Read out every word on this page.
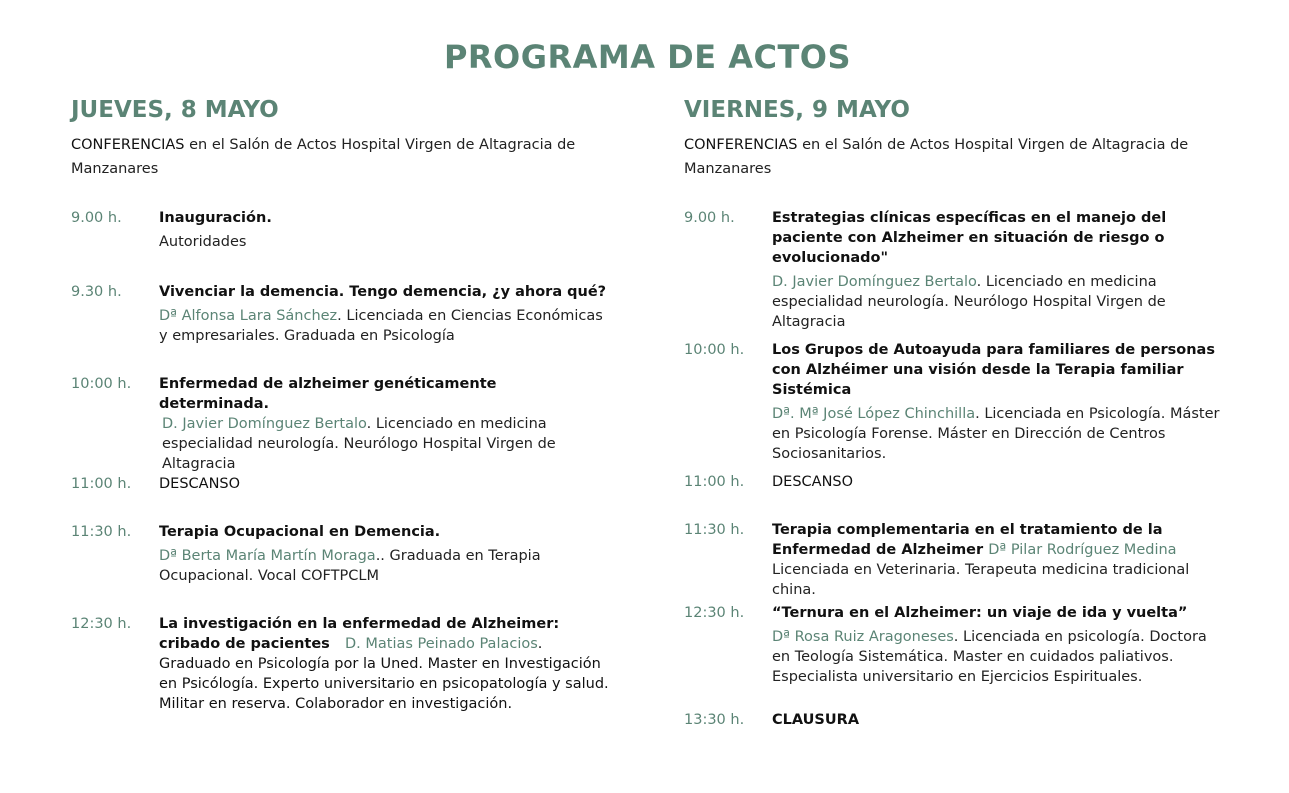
PROGRAMA DE ACTOS
JUEVES, 8 MAYO

CONFERENCIAS en el Salón de Actos Hospital Virgen de Altagracia de Manzanares

9.00 h.	Inauguración.
Autoridades
9.30 h.	Vivenciar la demencia. Tengo demencia, ¿y ahora qué?
Dª Alfonsa Lara Sánchez. Licenciada en Ciencias Económicas y empresariales. Graduada en Psicología
10:00 h. Enfermedad de alzheimer genéticamente determinada.
D. Javier Domínguez Bertalo. Licenciado en medicina especialidad neurología. Neurólogo Hospital Virgen de Altagracia
11:00 h. DESCANSO
11:30 h. Terapia Ocupacional en Demencia.
Dª Berta María Martín Moraga.. Graduada en Terapia Ocupacional. Vocal COFTPCLM
12:30 h. La investigación en la enfermedad de Alzheimer: cribado de pacientes D. Matias Peinado Palacios. Graduado en Psicología por la Uned. Master en Investigación en Psicólogía. Experto universitario en psicopatología y salud. Militar en reserva. Colaborador en investigación.
VIERNES, 9 MAYO

CONFERENCIAS en el Salón de Actos Hospital Virgen de Altagracia de Manzanares

9.00 h.	Estrategias clínicas específicas en el manejo del paciente con Alzheimer en situación de riesgo o evolucionado"
D. Javier Domínguez Bertalo. Licenciado en medicina especialidad neurología. Neurólogo Hospital Virgen de Altagracia
10:00 h. Los Grupos de Autoayuda para familiares de personas con Alzhéimer una visión desde la Terapia familiar Sistémica
Dª. Mª José López Chinchilla. Licenciada en Psicología. Máster en Psicología Forense. Máster en Dirección de Centros Sociosanitarios.
11:00 h. DESCANSO
11:30 h. Terapia complementaria en el tratamiento de la Enfermedad de Alzheimer Dª Pilar Rodríguez Medina
Licenciada en Veterinaria. Terapeuta medicina tradicional china.
12:30 h. “Ternura en el Alzheimer: un viaje de ida y vuelta”
Dª Rosa Ruiz Aragoneses. Licenciada en psicología. Doctora en Teología Sistemática. Master en cuidados paliativos. Especialista universitario en Ejercicios Espirituales.
13:30 h. CLAUSURA
